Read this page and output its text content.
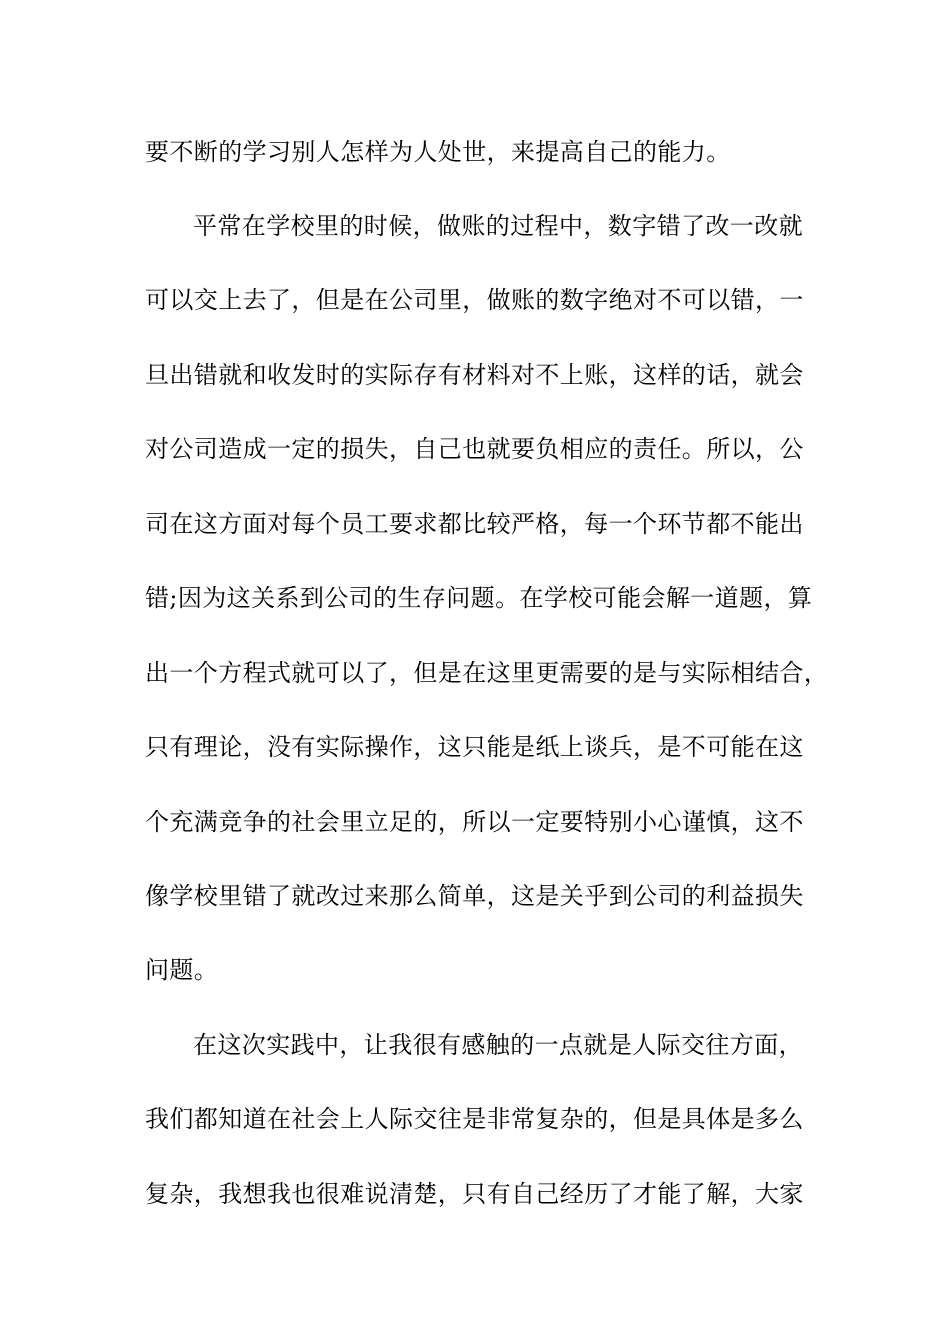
要不断的学习别人怎样为人处世，来提高自己的能力。
平常在学校里的时候，做账的过程中，数字错了改一改就
可以交上去了，但是在公司里，做账的数字绝对不可以错，一
旦出错就和收发时的实际存有材料对不上账，这样的话，就会
对公司造成一定的损失，自己也就要负相应的责任。所以，公
司在这方面对每个员工要求都比较严格，每一个环节都不能出
错;因为这关系到公司的生存问题。在学校可能会解一道题，算
出一个方程式就可以了，但是在这里更需要的是与实际相结合，
只有理论，没有实际操作，这只能是纸上谈兵，是不可能在这
个充满竞争的社会里立足的，所以一定要特别小心谨慎，这不
像学校里错了就改过来那么简单，这是关乎到公司的利益损失
问题。
在这次实践中，让我很有感触的一点就是人际交往方面，
我们都知道在社会上人际交往是非常复杂的，但是具体是多么
复杂，我想我也很难说清楚，只有自己经历了才能了解，大家
